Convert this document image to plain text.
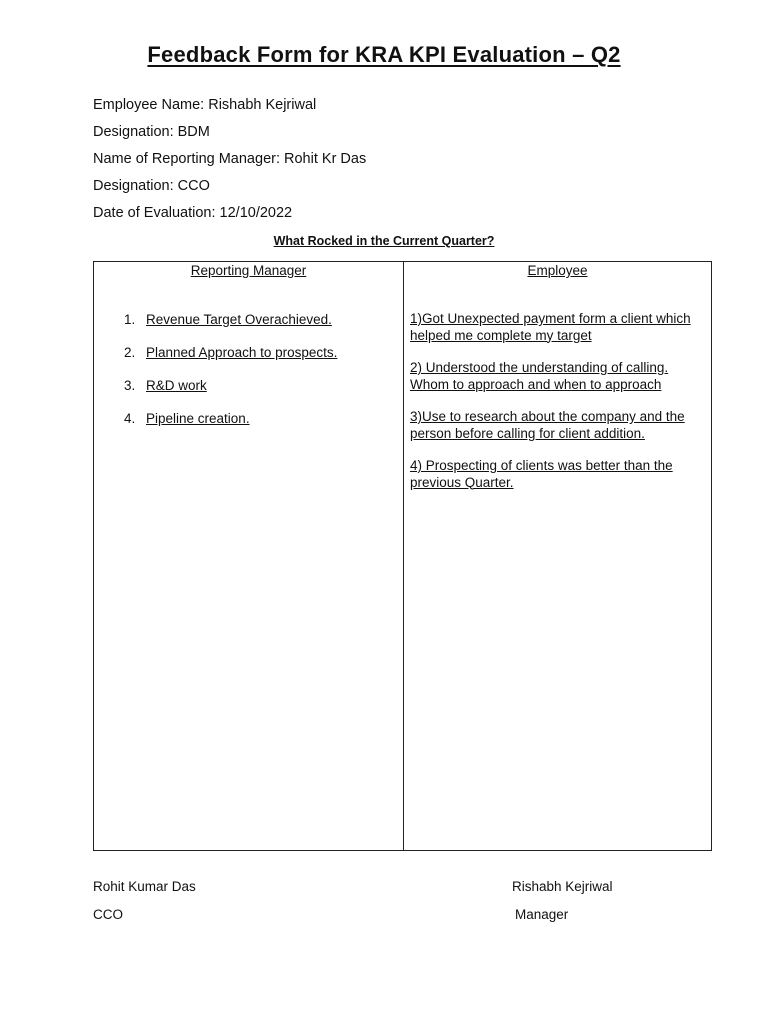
Feedback Form for KRA KPI Evaluation – Q2
Employee Name: Rishabh Kejriwal
Designation: BDM
Name of Reporting Manager: Rohit Kr Das
Designation: CCO
Date of Evaluation: 12/10/2022
What Rocked in the Current Quarter?
Reporting Manager
1. Revenue Target Overachieved.
2. Planned Approach to prospects.
3. R&D work
4. Pipeline creation.
Employee
1)Got Unexpected payment form a client which helped me complete my target
2) Understood the understanding of calling. Whom to approach and when to approach
3)Use to research about the company and the person before calling for client addition.
4) Prospecting of clients was better than the previous Quarter.
Rohit Kumar Das
CCO
Rishabh Kejriwal
Manager
